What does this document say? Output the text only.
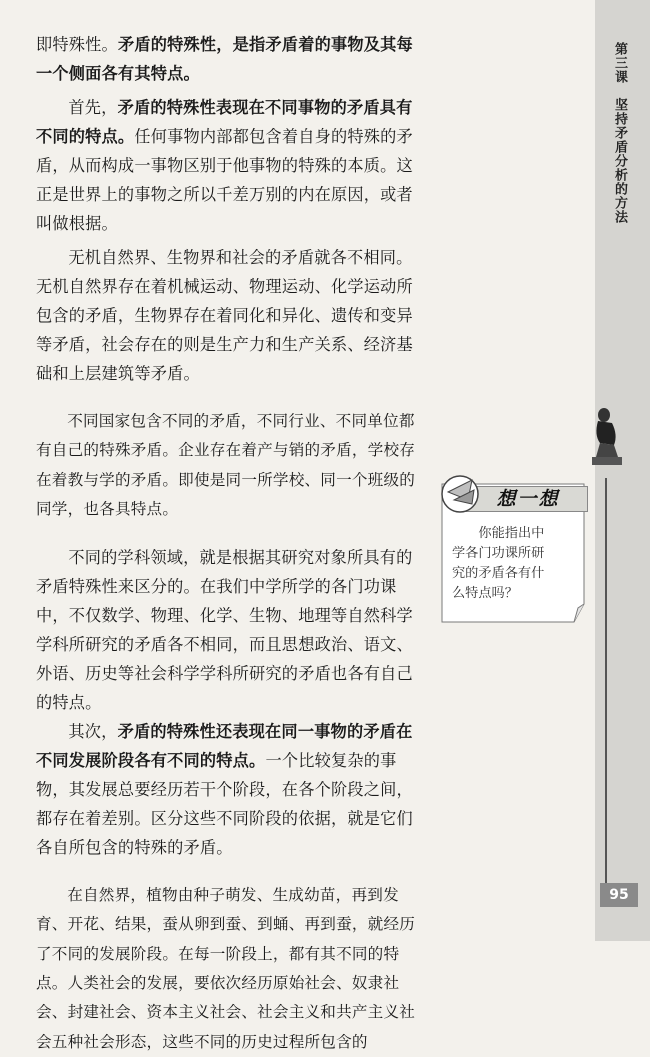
即特殊性。矛盾的特殊性，是指矛盾着的事物及其每一个侧面各有其特点。

首先，矛盾的特殊性表现在不同事物的矛盾具有不同的特点。任何事物内部都包含着自身的特殊的矛盾，从而构成一事物区别于他事物的特殊的本质。这正是世界上的事物之所以千差万别的内在原因，或者叫做根据。

无机自然界、生物界和社会的矛盾就各不相同。无机自然界存在着机械运动、物理运动、化学运动所包含的矛盾，生物界存在着同化和异化、遗传和变异等矛盾，社会存在的则是生产力和生产关系、经济基础和上层建筑等矛盾。

不同国家包含不同的矛盾，不同行业、不同单位都有自己的特殊矛盾。企业存在着产与销的矛盾，学校存在着教与学的矛盾。即使是同一所学校、同一个班级的同学，也各具特点。

不同的学科领域，就是根据其研究对象所具有的矛盾特殊性来区分的。在我们中学所学的各门功课中，不仅数学、物理、化学、生物、地理等自然科学学科所研究的矛盾各不相同，而且思想政治、语文、外语、历史等社会科学学科所研究的矛盾也各有自己的特点。

其次，矛盾的特殊性还表现在同一事物的矛盾在不同发展阶段各有不同的特点。一个比较复杂的事物，其发展总要经历若干个阶段，在各个阶段之间，都存在着差别。区分这些不同阶段的依据，就是它们各自所包含的特殊的矛盾。

在自然界，植物由种子萌发、生成幼苗，再到发育、开花、结果，蚕从卵到蚕、到蛹、再到蚕，就经历了不同的发展阶段。在每一阶段上，都有其不同的特点。人类社会的发展，要依次经历原始社会、奴隶社会、封建社会、资本主义社会、社会主义和共产主义社会五种社会形态，这些不同的历史过程所包含的

第三课　坚持矛盾分析的方法
想一想
你能指出中
学各门功课所研
究的矛盾各有什
么特点吗？
95
